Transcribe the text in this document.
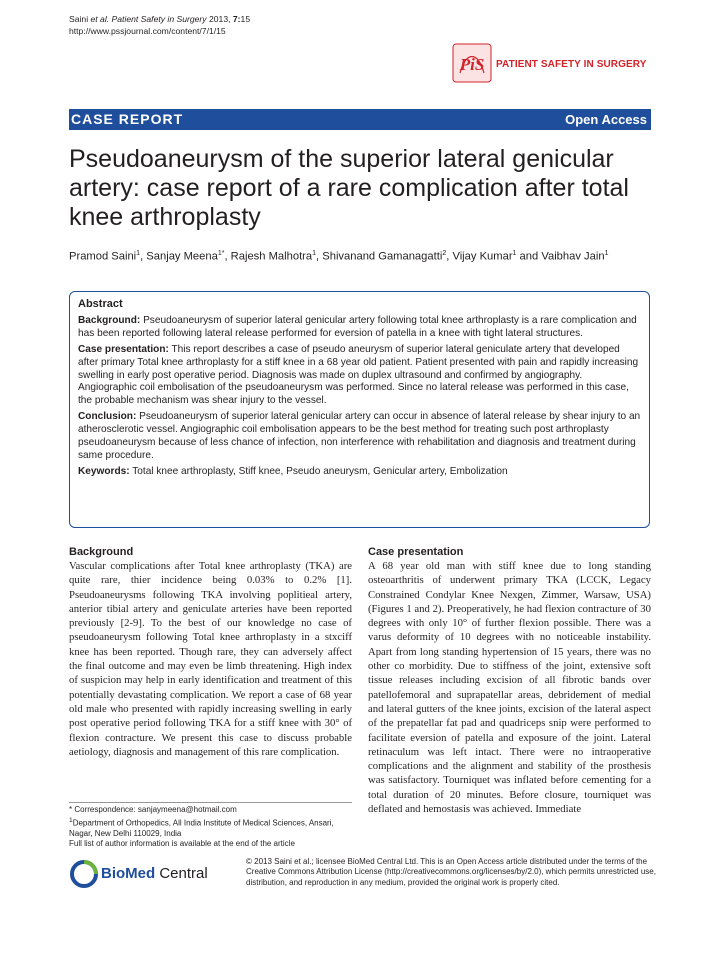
Saini et al. Patient Safety in Surgery 2013, 7:15
http://www.pssjournal.com/content/7/1/15
PiS PATIENT SAFETY IN SURGERY
CASE REPORT	Open Access
Pseudoaneurysm of the superior lateral genicular artery: case report of a rare complication after total knee arthroplasty
Pramod Saini$^1$, Sanjay Meena$^{1*}$, Rajesh Malhotra$^1$, Shivanand Gamanagatti$^2$, Vijay Kumar$^1$ and Vaibhav Jain$^1$
Abstract

Background: Pseudoaneurysm of superior lateral genicular artery following total knee arthroplasty is a rare complication and has been reported following lateral release performed for eversion of patella in a knee with tight lateral structures.

Case presentation: This report describes a case of pseudo aneurysm of superior lateral geniculate artery that developed after primary Total knee arthroplasty for a stiff knee in a 68 year old patient. Patient presented with pain and rapidly increasing swelling in early post operative period. Diagnosis was made on duplex ultrasound and confirmed by angiography. Angiographic coil embolisation of the pseudoaneurysm was performed. Since no lateral release was performed in this case, the probable mechanism was shear injury to the vessel.

Conclusion: Pseudoaneurysm of superior lateral genicular artery can occur in absence of lateral release by shear injury to an atherosclerotic vessel. Angiographic coil embolisation appears to be the best method for treating such post arthroplasty pseudoaneurysm because of less chance of infection, non interference with rehabilitation and diagnosis and treatment during same procedure.

Keywords: Total knee arthroplasty, Stiff knee, Pseudo aneurysm, Genicular artery, Embolization

Background

Vascular complications after Total knee arthroplasty (TKA) are quite rare, thier incidence being 0.03% to 0.2% [1]. Pseudoaneurysms following TKA involving poplitieal artery, anterior tibial artery and geniculate arteries have been reported previously [2-9]. To the best of our knowledge no case of pseudoaneurysm following Total knee arthroplasty in a stxciff knee has been reported. Though rare, they can adversely affect the final outcome and may even be limb threatening. High index of suspicion may help in early identification and treatment of this potentially devastating complication. We report a case of 68 year old male who presented with rapidly increasing swelling in early post operative period following TKA for a stiff knee with 30° of flexion contracture. We present this case to discuss probable aetiology, diagnosis and management of this rare complication.

Case presentation

A 68 year old man with stiff knee due to long standing osteoarthritis of underwent primary TKA (LCCK, Legacy Constrained Condylar Knee Nexgen, Zimmer, Warsaw, USA) (Figures 1 and 2). Preoperatively, he had flexion contracture of 30 degrees with only 10° of further flexion possible. There was a varus deformity of 10 degrees with no noticeable instability. Apart from long standing hypertension of 15 years, there was no other co morbidity. Due to stiffness of the joint, extensive soft tissue releases including excision of all fibrotic bands over patellofemoral and suprapatellar areas, debridement of medial and lateral gutters of the knee joints, excision of the lateral aspect of the prepatellar fat pad and quadriceps snip were performed to facilitate eversion of patella and exposure of the joint. Lateral retinaculum was left intact. There were no intraoperative complications and the alignment and stability of the prosthesis was satisfactory. Tourniquet was inflated before cementing for a total duration of 20 minutes. Before closure, tourniquet was deflated and hemostasis was achieved. Immediate

* Correspondence: sanjaymeena@hotmail.com
$^1$Department of Orthopedics, All India Institute of Medical Sciences, Ansari, Nagar, New Delhi 110029, India
Full list of author information is available at the end of the article
BioMed Central
© 2013 Saini et al.; licensee BioMed Central Ltd. This is an Open Access article distributed under the terms of the Creative Commons Attribution License (http://creativecommons.org/licenses/by/2.0), which permits unrestricted use, distribution, and reproduction in any medium, provided the original work is properly cited.
